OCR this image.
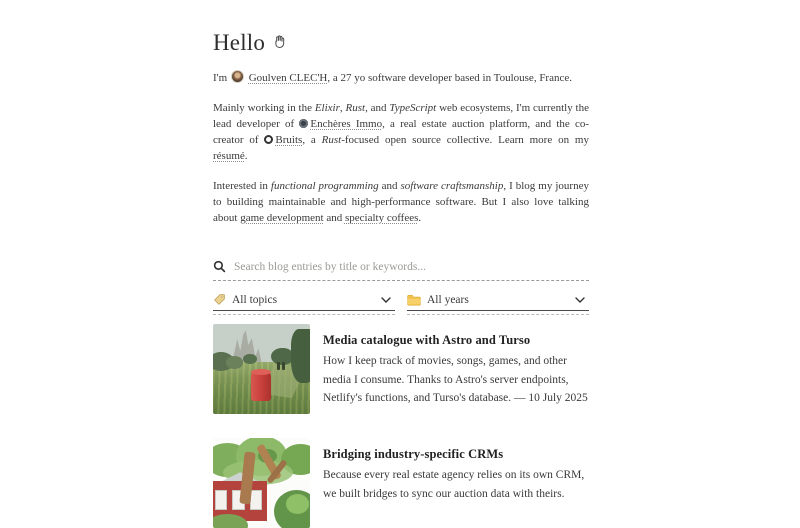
Hello

I'm  Goulven CLEC'H, a 27 yo software developer based in Toulouse, France.

Mainly working in the Elixir, Rust, and TypeScript web ecosystems, I'm currently the lead developer of Enchères Immo, a real estate auction platform, and the co-creator of Bruits, a Rust-focused open source collective. Learn more on my résumé.

Interested in functional programming and software craftsmanship, I blog my journey to building maintainable and high-performance software. But I also love talking about game development and specialty coffees.

Search blog entries by title or keywords...
All topics	All years
Media catalogue with Astro and Turso
How I keep track of movies, songs, games, and other media I consume. Thanks to Astro's server endpoints, Netlify's functions, and Turso's database. — 10 July 2025
Bridging industry-specific CRMs
Because every real estate agency relies on its own CRM, we built bridges to sync our auction data with theirs.
